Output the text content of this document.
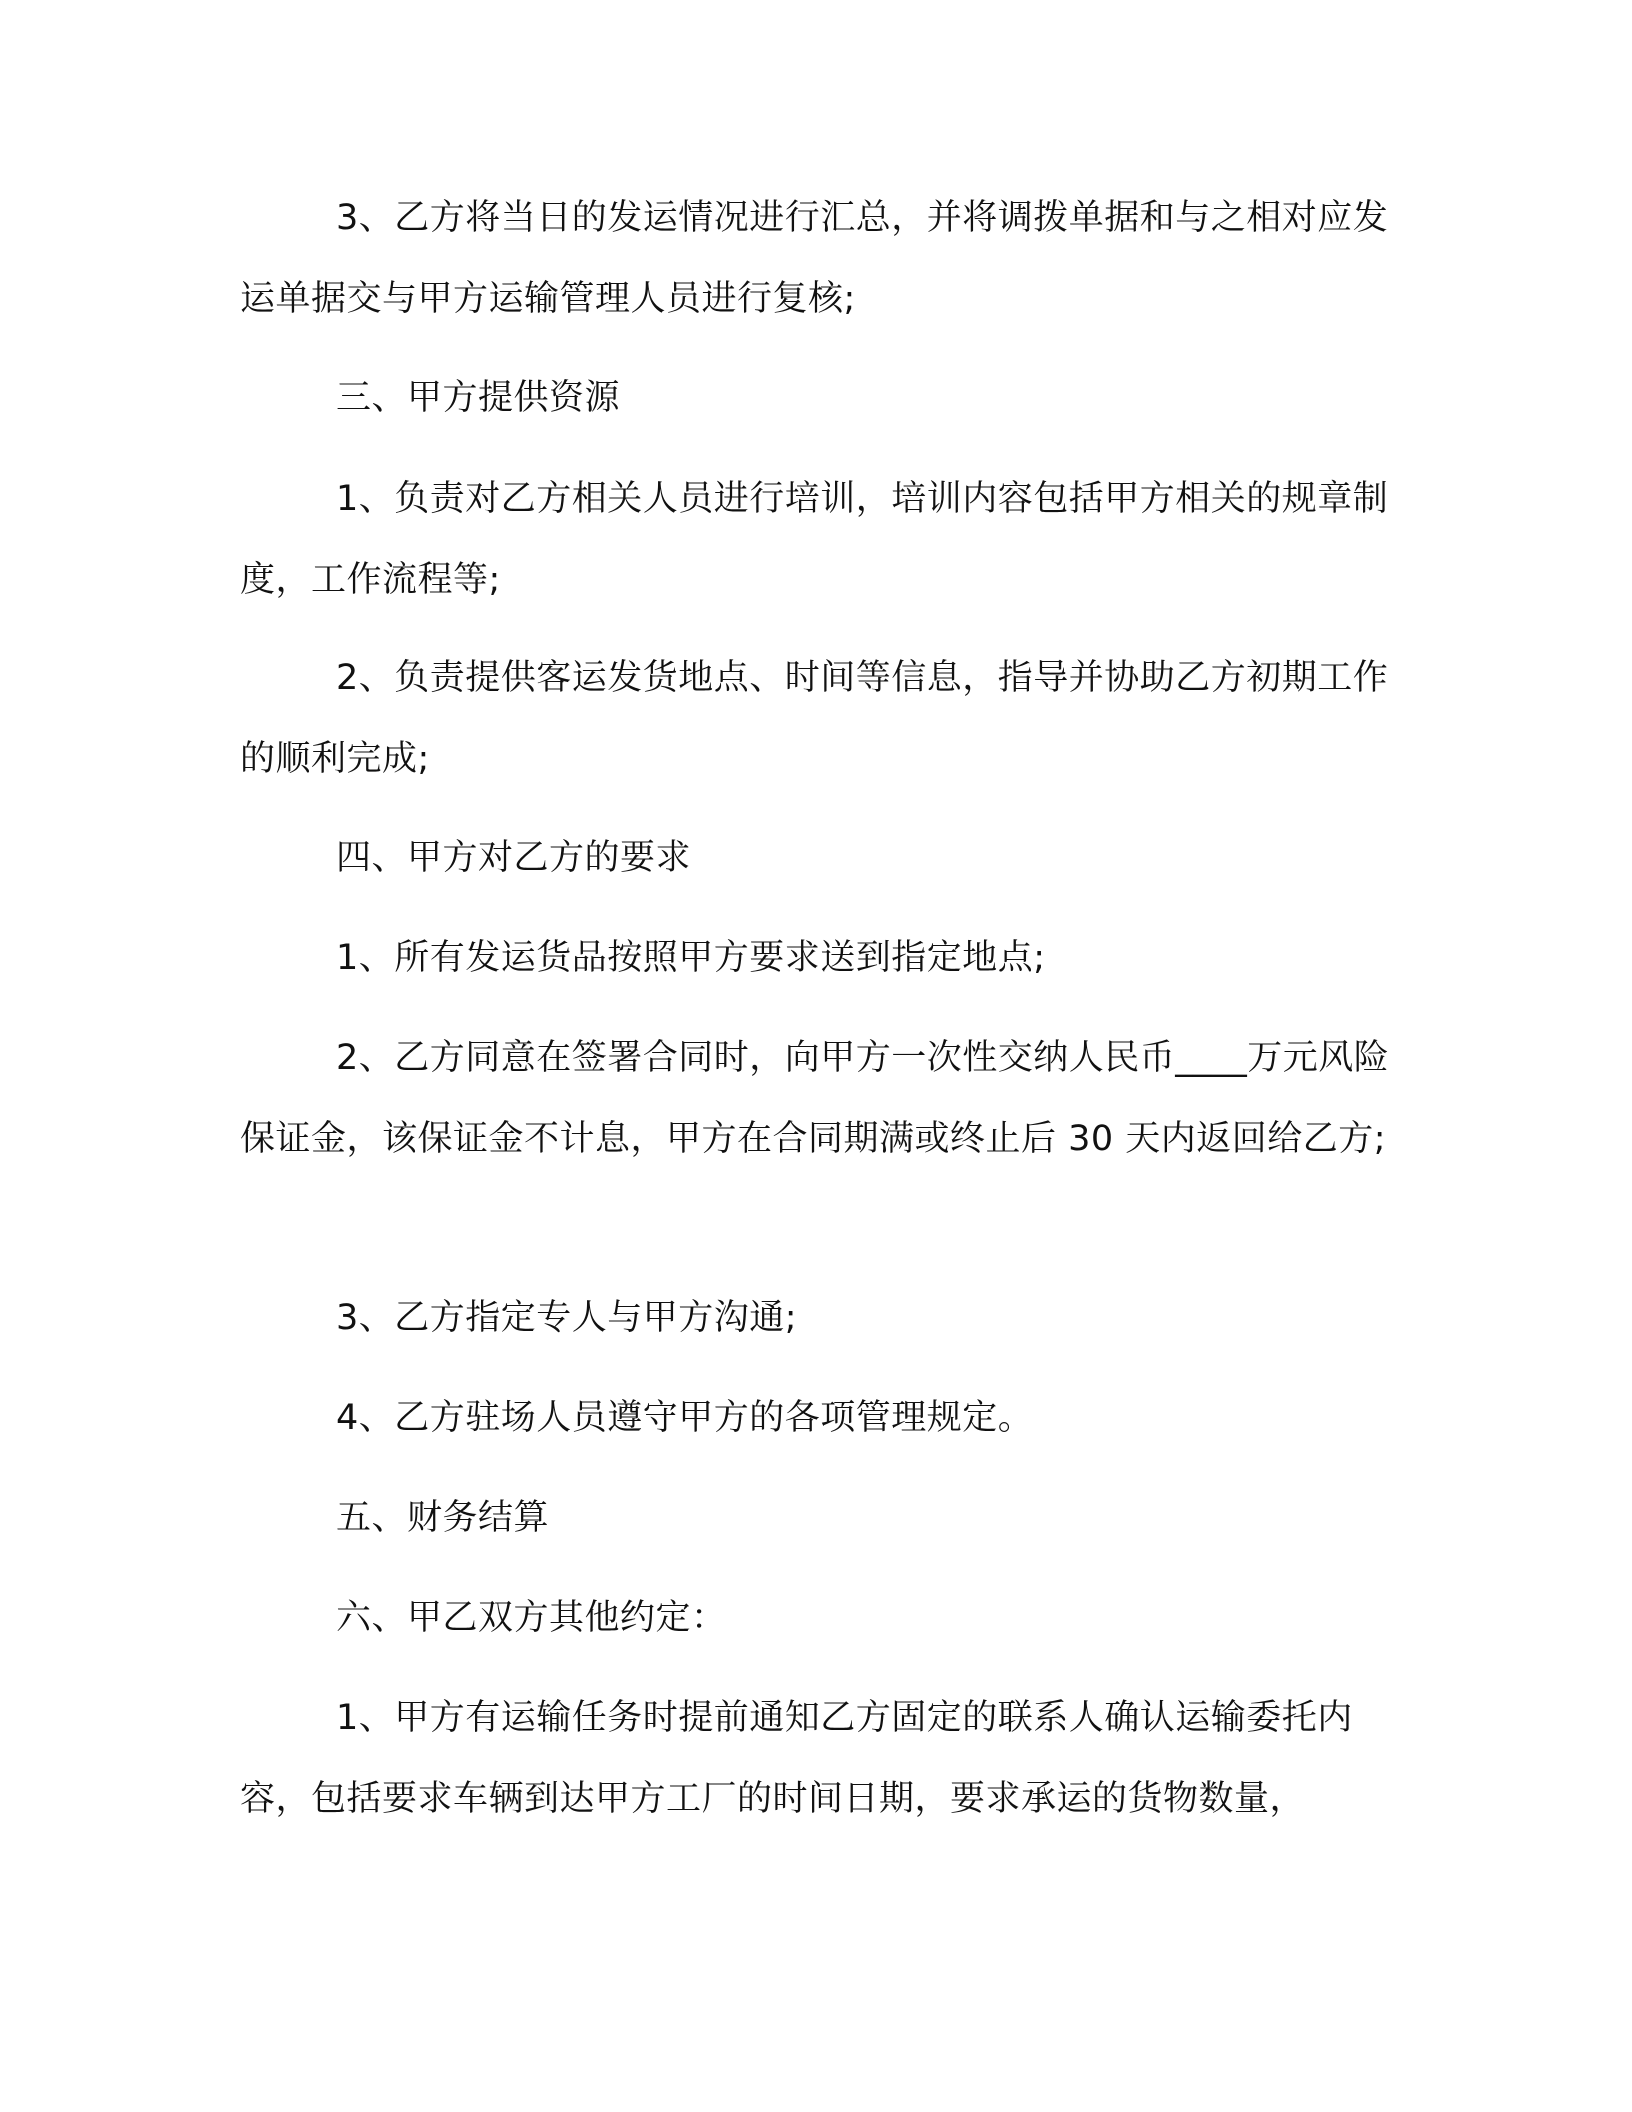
3、乙方将当日的发运情况进行汇总，并将调拨单据和与之相对应发运单据交与甲方运输管理人员进行复核;

三、甲方提供资源

1、负责对乙方相关人员进行培训，培训内容包括甲方相关的规章制度，工作流程等;

2、负责提供客运发货地点、时间等信息，指导并协助乙方初期工作的顺利完成;

四、甲方对乙方的要求

1、所有发运货品按照甲方要求送到指定地点;

2、乙方同意在签署合同时，向甲方一次性交纳人民币____万元风险保证金，该保证金不计息，甲方在合同期满或终止后 30 天内返回给乙方;

3、乙方指定专人与甲方沟通;

4、乙方驻场人员遵守甲方的各项管理规定。

五、财务结算

六、甲乙双方其他约定：

1、甲方有运输任务时提前通知乙方固定的联系人确认运输委托内容，包括要求车辆到达甲方工厂的时间日期，要求承运的货物数量，
